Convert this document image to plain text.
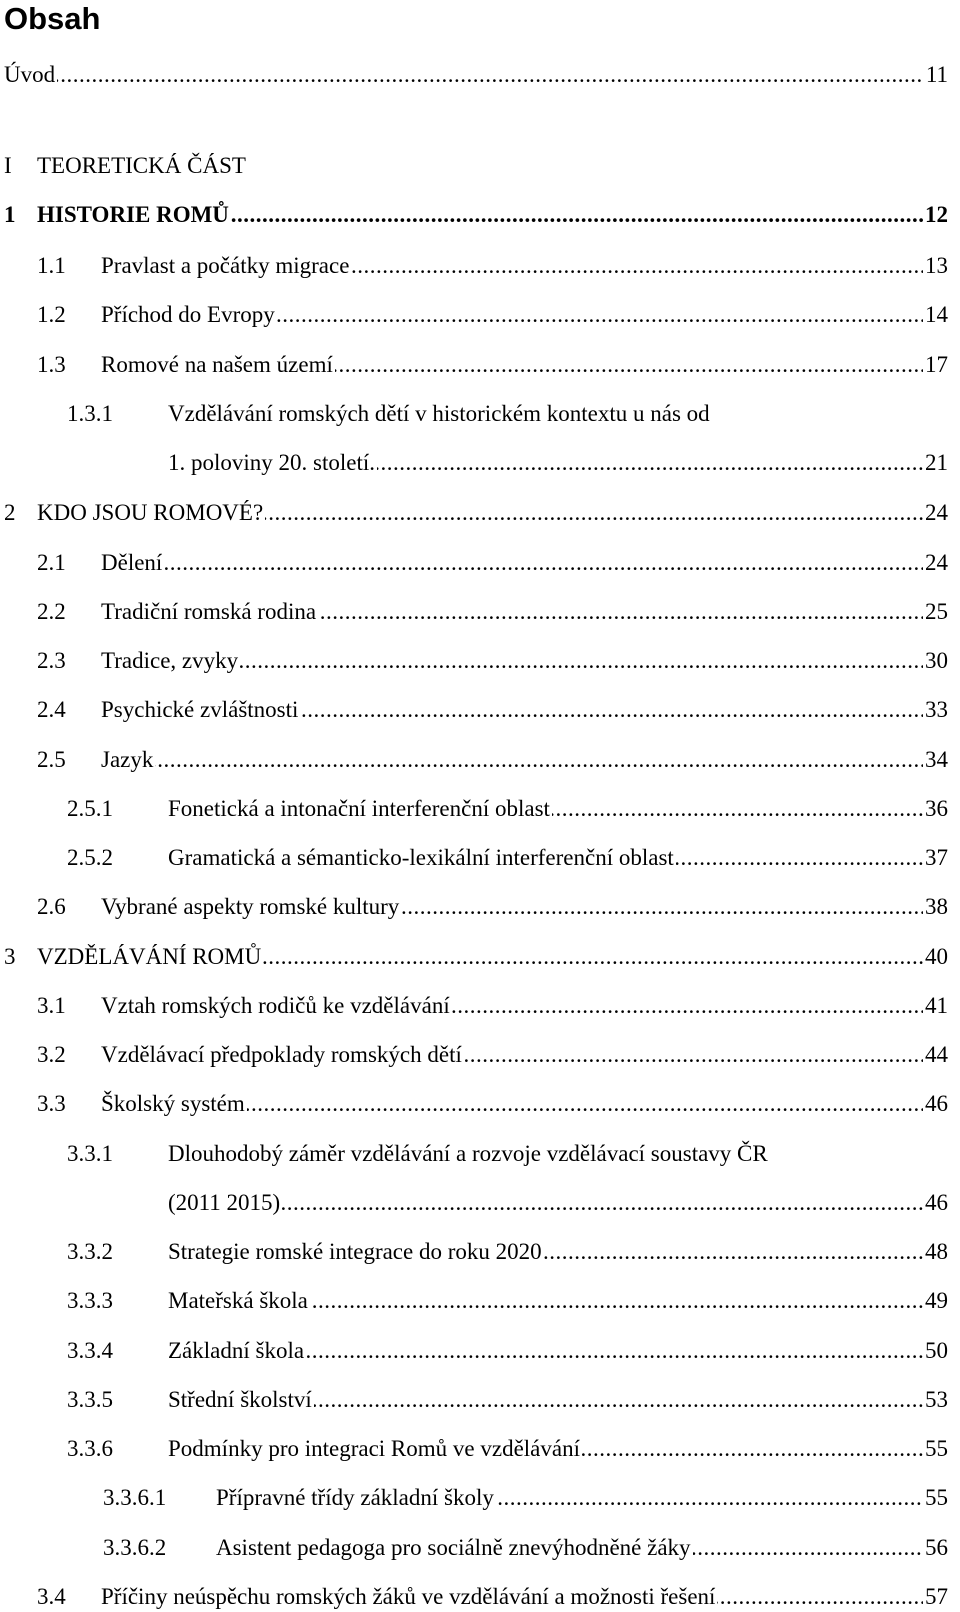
Obsah
.....
Úvod	11
I TEORETICKÁ ČÁST
1 ..... HISTORIE ROMŮ	12
1.1 ..... Pravlast a počátky migrace	13
1.2 ..... Příchod do Evropy	14
1.3 ..... Romové na našem území	17
1.3.1 Vzdělávání romských dětí v historickém kontextu u nás od
.....
1. poloviny 20. století.	21
2 ..... KDO JSOU ROMOVÉ?	24
2.1 ..... Dělení	24
2.2 ..... Tradiční romská rodina	25
2.3 ..... Tradice, zvyky	30
2.4 ..... Psychické zvláštnosti	33
2.5 ..... Jazyk	34
2.5.1 ..... Fonetická a intonační interferenční oblast	36
2.5.2 ..... Gramatická a sémanticko-lexikální interferenční oblast	37
2.6 ..... Vybrané aspekty romské kultury	38
3 ..... VZDĚLÁVÁNÍ ROMŮ	40
3.1 ..... Vztah romských rodičů ke vzdělávání	41
3.2 ..... Vzdělávací předpoklady romských dětí	44
3.3 ..... Školský systém	46
3.3.1 Dlouhodobý záměr vzdělávání a rozvoje vzdělávací soustavy ČR
.....
(2011 2015)	46
3.3.2 ..... Strategie romské integrace do roku 2020	48
3.3.3 ..... Mateřská škola	49
3.3.4 ..... Základní škola	50
3.3.5 ..... Střední školství	53
3.3.6 ..... Podmínky pro integraci Romů ve vzdělávání	55
3.3.6.1 ..... Přípravné třídy základní školy	55
3.3.6.2 ..... Asistent pedagoga pro sociálně znevýhodněné žáky	56
3.4 ..... Příčiny neúspěchu romských žáků ve vzdělávání a možnosti řešení	57
